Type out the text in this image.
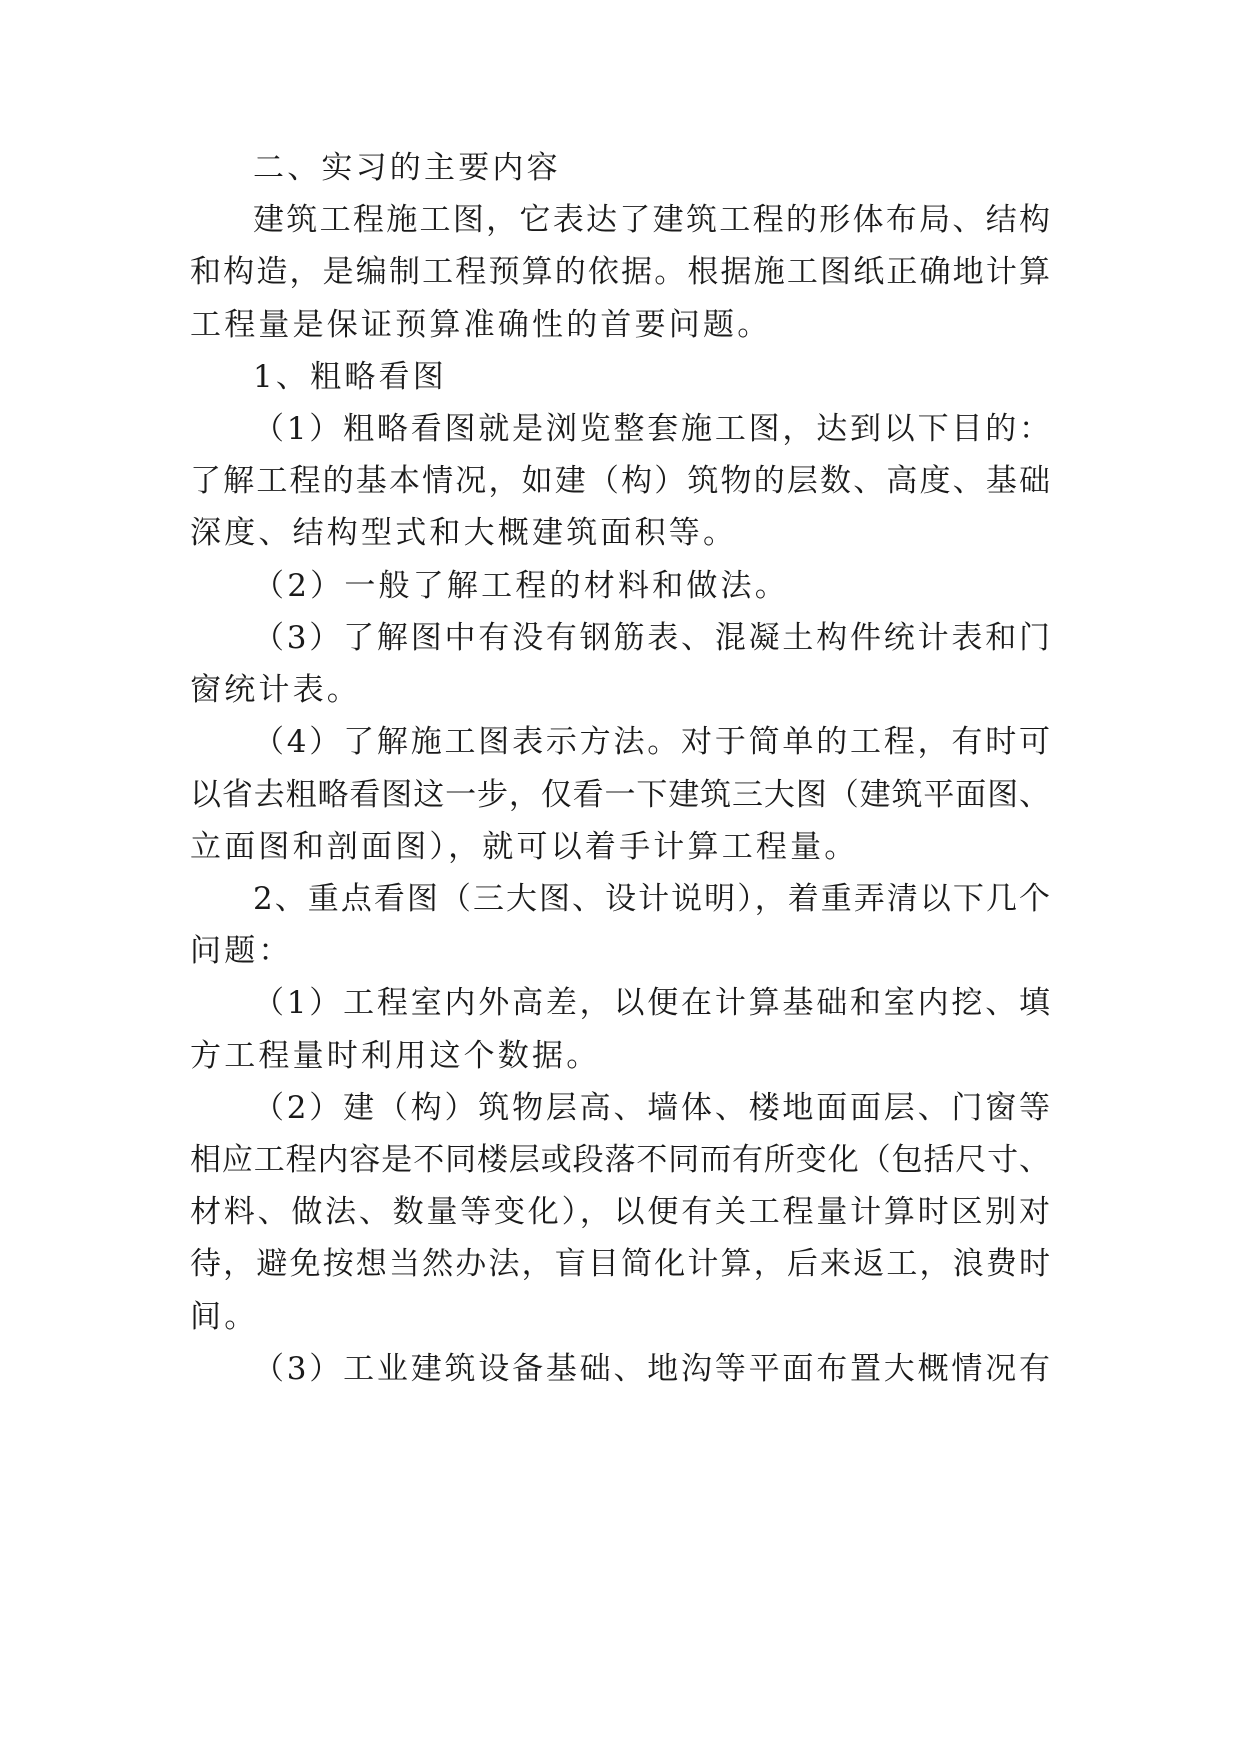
二、实习的主要内容
建筑工程施工图，它表达了建筑工程的形体布局、结构
和构造，是编制工程预算的依据。根据施工图纸正确地计算
工程量是保证预算准确性的首要问题。
1、粗略看图
（1）粗略看图就是浏览整套施工图，达到以下目的：
了解工程的基本情况，如建（构）筑物的层数、高度、基础
深度、结构型式和大概建筑面积等。
（2）一般了解工程的材料和做法。
（3）了解图中有没有钢筋表、混凝土构件统计表和门
窗统计表。
（4）了解施工图表示方法。对于简单的工程，有时可
以省去粗略看图这一步，仅看一下建筑三大图（建筑平面图、
立面图和剖面图），就可以着手计算工程量。
2、重点看图（三大图、设计说明），着重弄清以下几个
问题：
（1）工程室内外高差，以便在计算基础和室内挖、填
方工程量时利用这个数据。
（2）建（构）筑物层高、墙体、楼地面面层、门窗等
相应工程内容是不同楼层或段落不同而有所变化（包括尺寸、
材料、做法、数量等变化），以便有关工程量计算时区别对
待，避免按想当然办法，盲目简化计算，后来返工，浪费时
间。
（3）工业建筑设备基础、地沟等平面布置大概情况有
